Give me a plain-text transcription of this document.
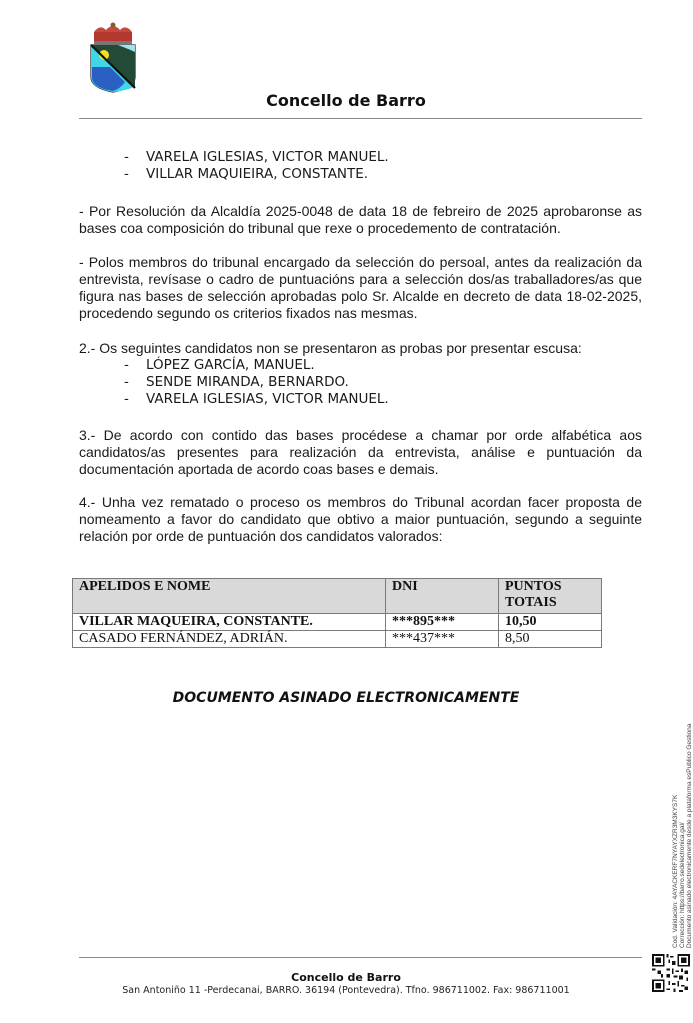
Concello de Barro
- VARELA IGLESIAS, VICTOR MANUEL.
- VILLAR MAQUIEIRA, CONSTANTE.

- Por Resolución da Alcaldía 2025-0048 de data 18 de febreiro de 2025 aprobaronse as bases coa composición do tribunal que rexe o procedemento de contratación.

- Polos membros do tribunal encargado da selección do persoal, antes da realización da entrevista, revísase o cadro de puntuacións para a selección dos/as traballadores/as que figura nas bases de selección aprobadas polo Sr. Alcalde en decreto de data 18-02-2025, procedendo segundo os criterios fixados nas mesmas.

2.- Os seguintes candidatos non se presentaron as probas por presentar escusa:

- LÓPEZ GARCÍA, MANUEL.
- SENDE MIRANDA, BERNARDO.
- VARELA IGLESIAS, VICTOR MANUEL.

3.- De acordo con contido das bases procédese a chamar por orde alfabética aos candidatos/as presentes para realización da entrevista, análise e puntuación da documentación aportada de acordo coas bases e demais.

4.- Unha vez rematado o proceso os membros do Tribunal acordan facer proposta de nomeamento a favor do candidato que obtivo a maior puntuación, segundo a seguinte relación por orde de puntuación dos candidatos valorados:

APELIDOS E NOME	DNI	PUNTOS TOTAIS
VILLAR MAQUEIRA, CONSTANTE.	***895***	10,50
CASADO FERNÁNDEZ, ADRIÁN.	***437***	8,50
DOCUMENTO ASINADO ELECTRONICAMENTE
Cod. Validación: 4AYACKERF7NYAYXZR3M3KYS7K Corrección: https://barro.sedelectronica.gal/ Documento asinado electronicamente desde a plataforma esPublico Gestiona
Concello de Barro
San Antoniño 11 -Perdecanai, BARRO. 36194 (Pontevedra). Tfno. 986711002. Fax: 986711001
